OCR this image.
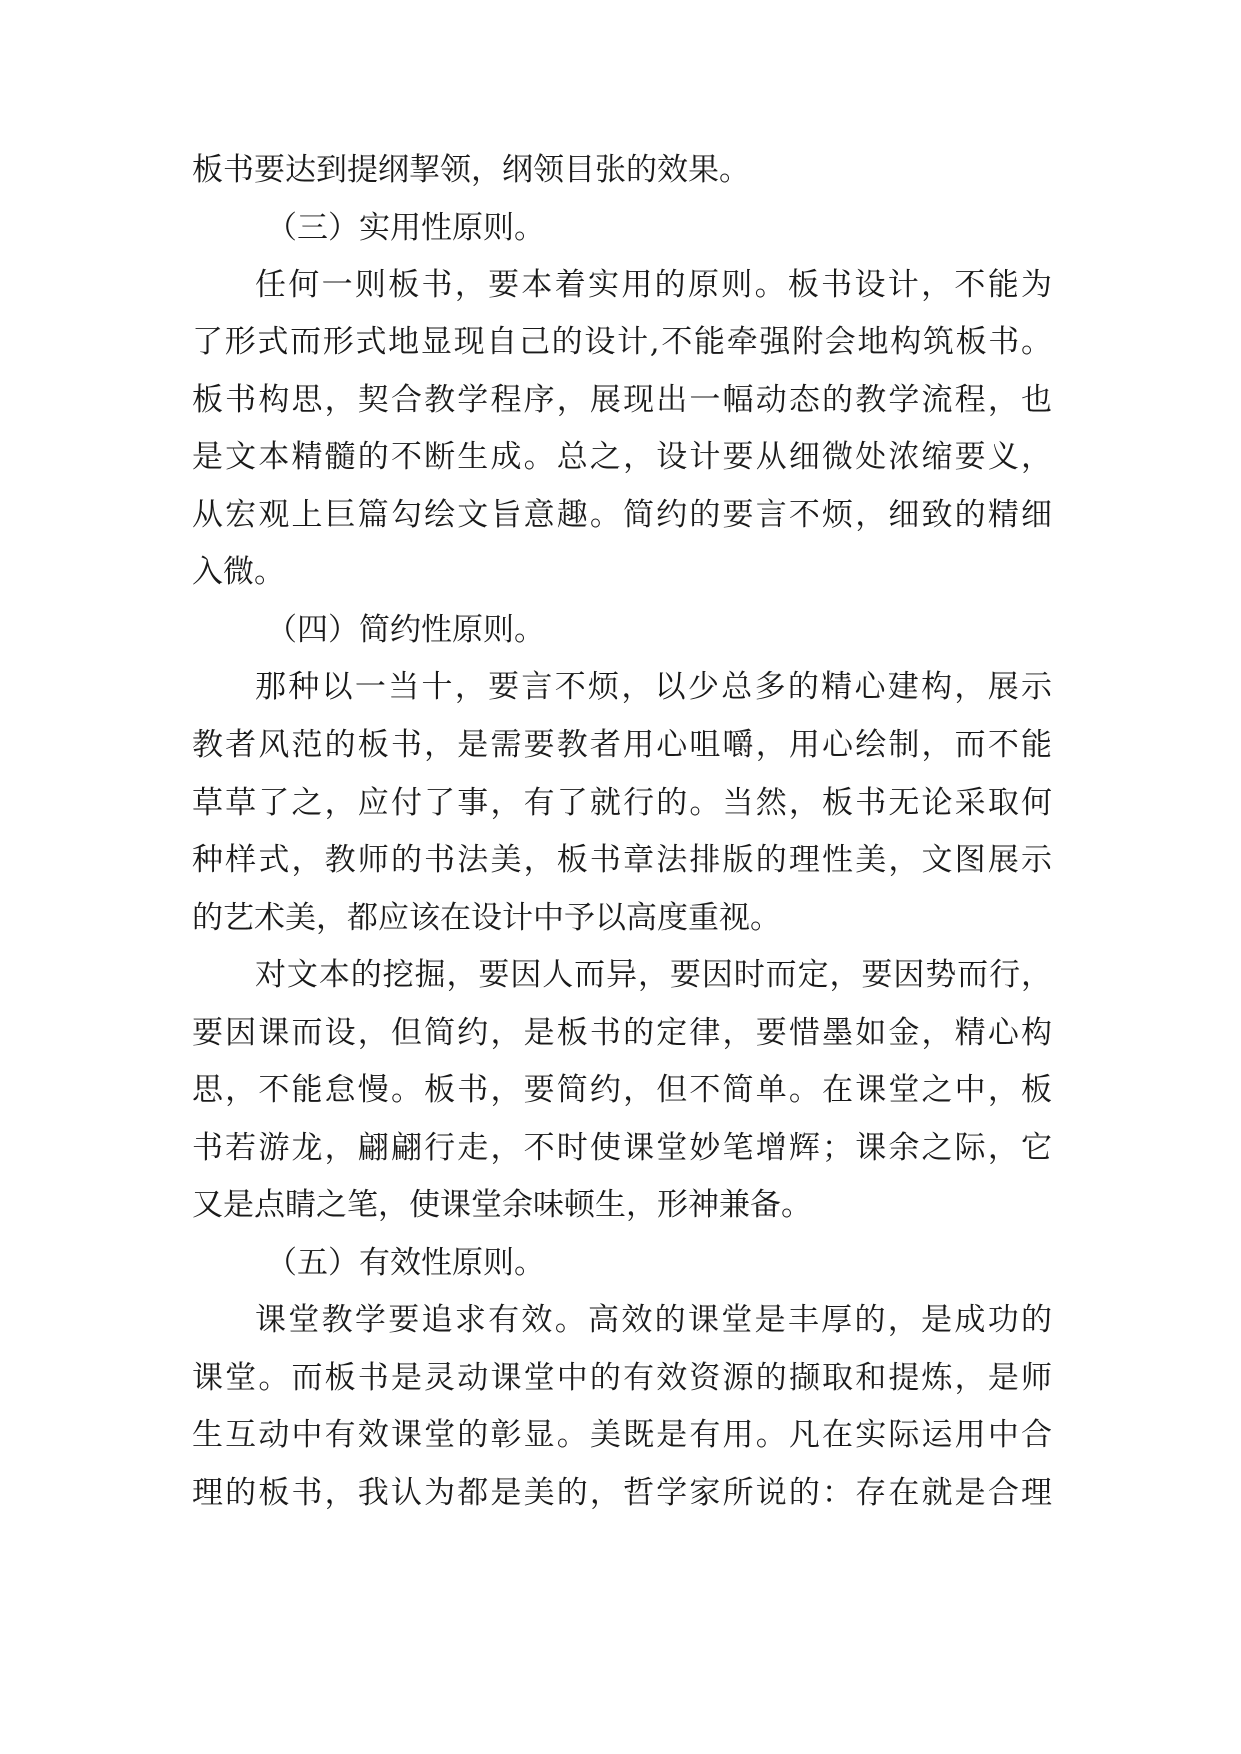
板书要达到提纲挈领，纲领目张的效果。
（三）实用性原则。
任何一则板书，要本着实用的原则。板书设计，不能为
了形式而形式地显现自己的设计,不能牵强附会地构筑板书。
板书构思，契合教学程序，展现出一幅动态的教学流程，也
是文本精髓的不断生成。总之，设计要从细微处浓缩要义，
从宏观上巨篇勾绘文旨意趣。简约的要言不烦，细致的精细
入微。
（四）简约性原则。
那种以一当十，要言不烦，以少总多的精心建构，展示
教者风范的板书，是需要教者用心咀嚼，用心绘制，而不能
草草了之，应付了事，有了就行的。当然，板书无论采取何
种样式，教师的书法美，板书章法排版的理性美，文图展示
的艺术美，都应该在设计中予以高度重视。
对文本的挖掘，要因人而异，要因时而定，要因势而行，
要因课而设，但简约，是板书的定律，要惜墨如金，精心构
思，不能怠慢。板书，要简约，但不简单。在课堂之中，板
书若游龙，翩翩行走，不时使课堂妙笔增辉；课余之际，它
又是点睛之笔，使课堂余味顿生，形神兼备。
（五）有效性原则。
课堂教学要追求有效。高效的课堂是丰厚的，是成功的
课堂。而板书是灵动课堂中的有效资源的撷取和提炼，是师
生互动中有效课堂的彰显。美既是有用。凡在实际运用中合
理的板书，我认为都是美的，哲学家所说的：存在就是合理
